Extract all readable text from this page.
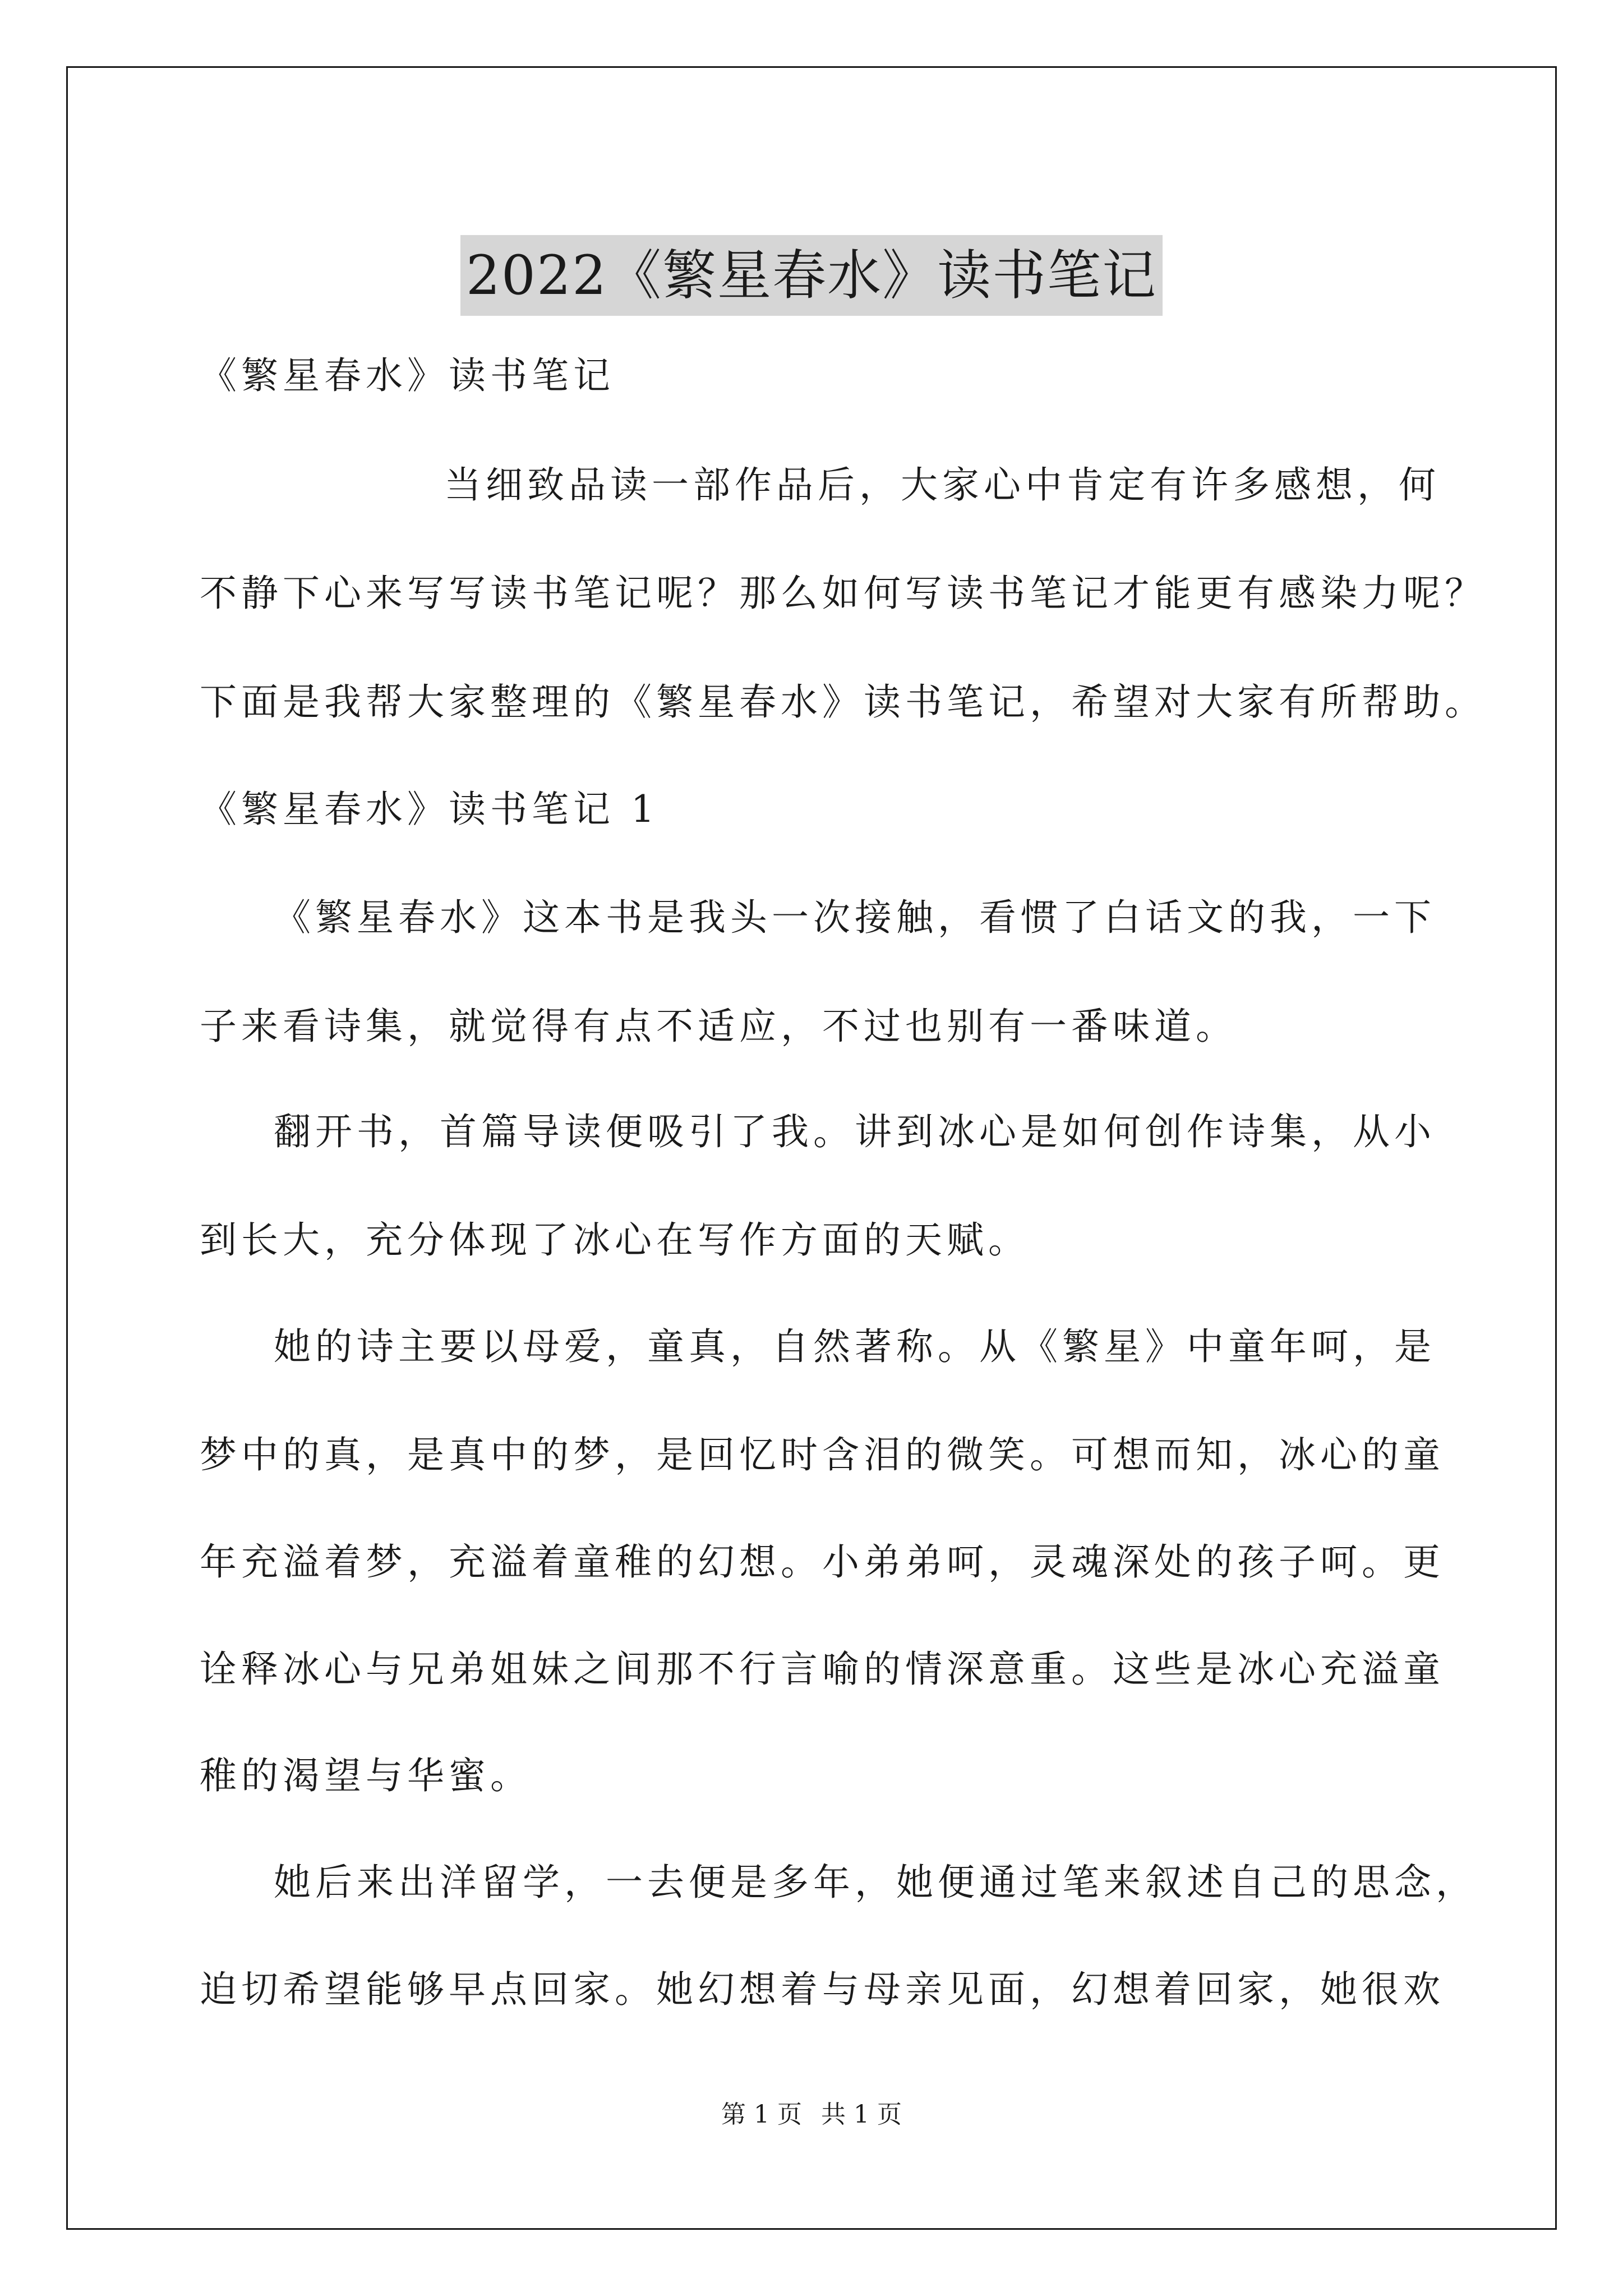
2022《繁星春水》读书笔记
《繁星春水》读书笔记
当细致品读一部作品后，大家心中肯定有许多感想，何
不静下心来写写读书笔记呢？那么如何写读书笔记才能更有感染力呢？
下面是我帮大家整理的《繁星春水》读书笔记，希望对大家有所帮助。
《繁星春水》读书笔记 1
《繁星春水》这本书是我头一次接触，看惯了白话文的我，一下
子来看诗集，就觉得有点不适应，不过也别有一番味道。
翻开书，首篇导读便吸引了我。讲到冰心是如何创作诗集，从小
到长大，充分体现了冰心在写作方面的天赋。
她的诗主要以母爱，童真，自然著称。从《繁星》中童年呵，是
梦中的真，是真中的梦，是回忆时含泪的微笑。可想而知，冰心的童
年充溢着梦，充溢着童稚的幻想。小弟弟呵，灵魂深处的孩子呵。更
诠释冰心与兄弟姐妹之间那不行言喻的情深意重。这些是冰心充溢童
稚的渴望与华蜜。
她后来出洋留学，一去便是多年，她便通过笔来叙述自己的思念，
迫切希望能够早点回家。她幻想着与母亲见面，幻想着回家，她很欢
第 1 页 共 1 页
